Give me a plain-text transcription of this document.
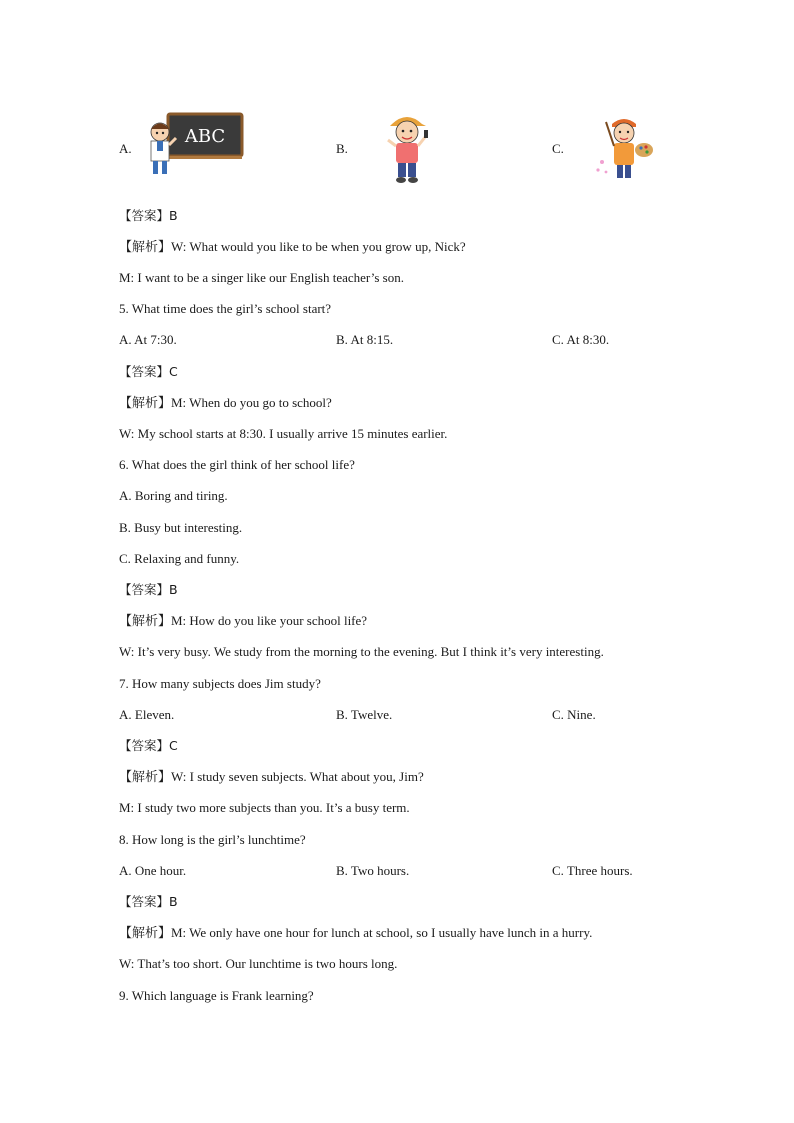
A.
ABC
B.	C.
【答案】B
【解析】W: What would you like to be when you grow up, Nick?
M: I want to be a singer like our English teacher’s son.
5. What time does the girl’s school start?
A. At 7:30.	B. At 8:15.	C. At 8:30.
【答案】C
【解析】M: When do you go to school?
W: My school starts at 8:30. I usually arrive 15 minutes earlier.
6. What does the girl think of her school life?
A. Boring and tiring.
B. Busy but interesting.
C. Relaxing and funny.
【答案】B
【解析】M: How do you like your school life?
W: It’s very busy. We study from the morning to the evening. But I think it’s very interesting.
7. How many subjects does Jim study?
A. Eleven.	B. Twelve.	C. Nine.
【答案】C
【解析】W: I study seven subjects. What about you, Jim?
M: I study two more subjects than you. It’s a busy term.
8. How long is the girl’s lunchtime?
A. One hour.	B. Two hours.	C. Three hours.
【答案】B
【解析】M: We only have one hour for lunch at school, so I usually have lunch in a hurry.
W: That’s too short. Our lunchtime is two hours long.
9. Which language is Frank learning?
